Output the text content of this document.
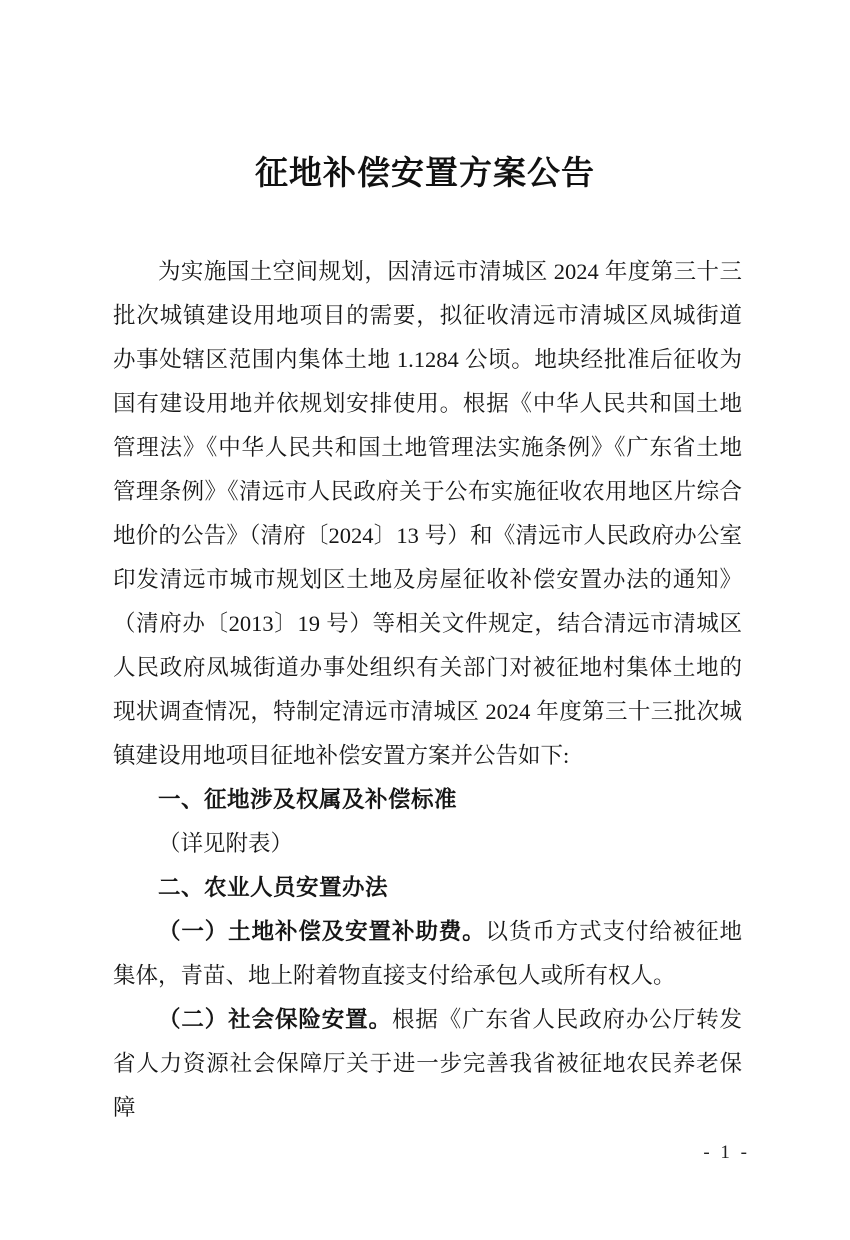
征地补偿安置方案公告

为实施国土空间规划，因清远市清城区 2024 年度第三十三批次城镇建设用地项目的需要，拟征收清远市清城区凤城街道办事处辖区范围内集体土地 1.1284 公顷。地块经批准后征收为国有建设用地并依规划安排使用。根据《中华人民共和国土地管理法》《中华人民共和国土地管理法实施条例》《广东省土地管理条例》《清远市人民政府关于公布实施征收农用地区片综合地价的公告》（清府〔2024〕13 号）和《清远市人民政府办公室印发清远市城市规划区土地及房屋征收补偿安置办法的通知》（清府办〔2013〕19 号）等相关文件规定，结合清远市清城区人民政府凤城街道办事处组织有关部门对被征地村集体土地的现状调查情况，特制定清远市清城区 2024 年度第三十三批次城镇建设用地项目征地补偿安置方案并公告如下:

一、征地涉及权属及补偿标准

（详见附表）

二、农业人员安置办法

（一）土地补偿及安置补助费。以货币方式支付给被征地集体，青苗、地上附着物直接支付给承包人或所有权人。

（二）社会保险安置。根据《广东省人民政府办公厅转发省人力资源社会保障厅关于进一步完善我省被征地农民养老保障

- 1 -
